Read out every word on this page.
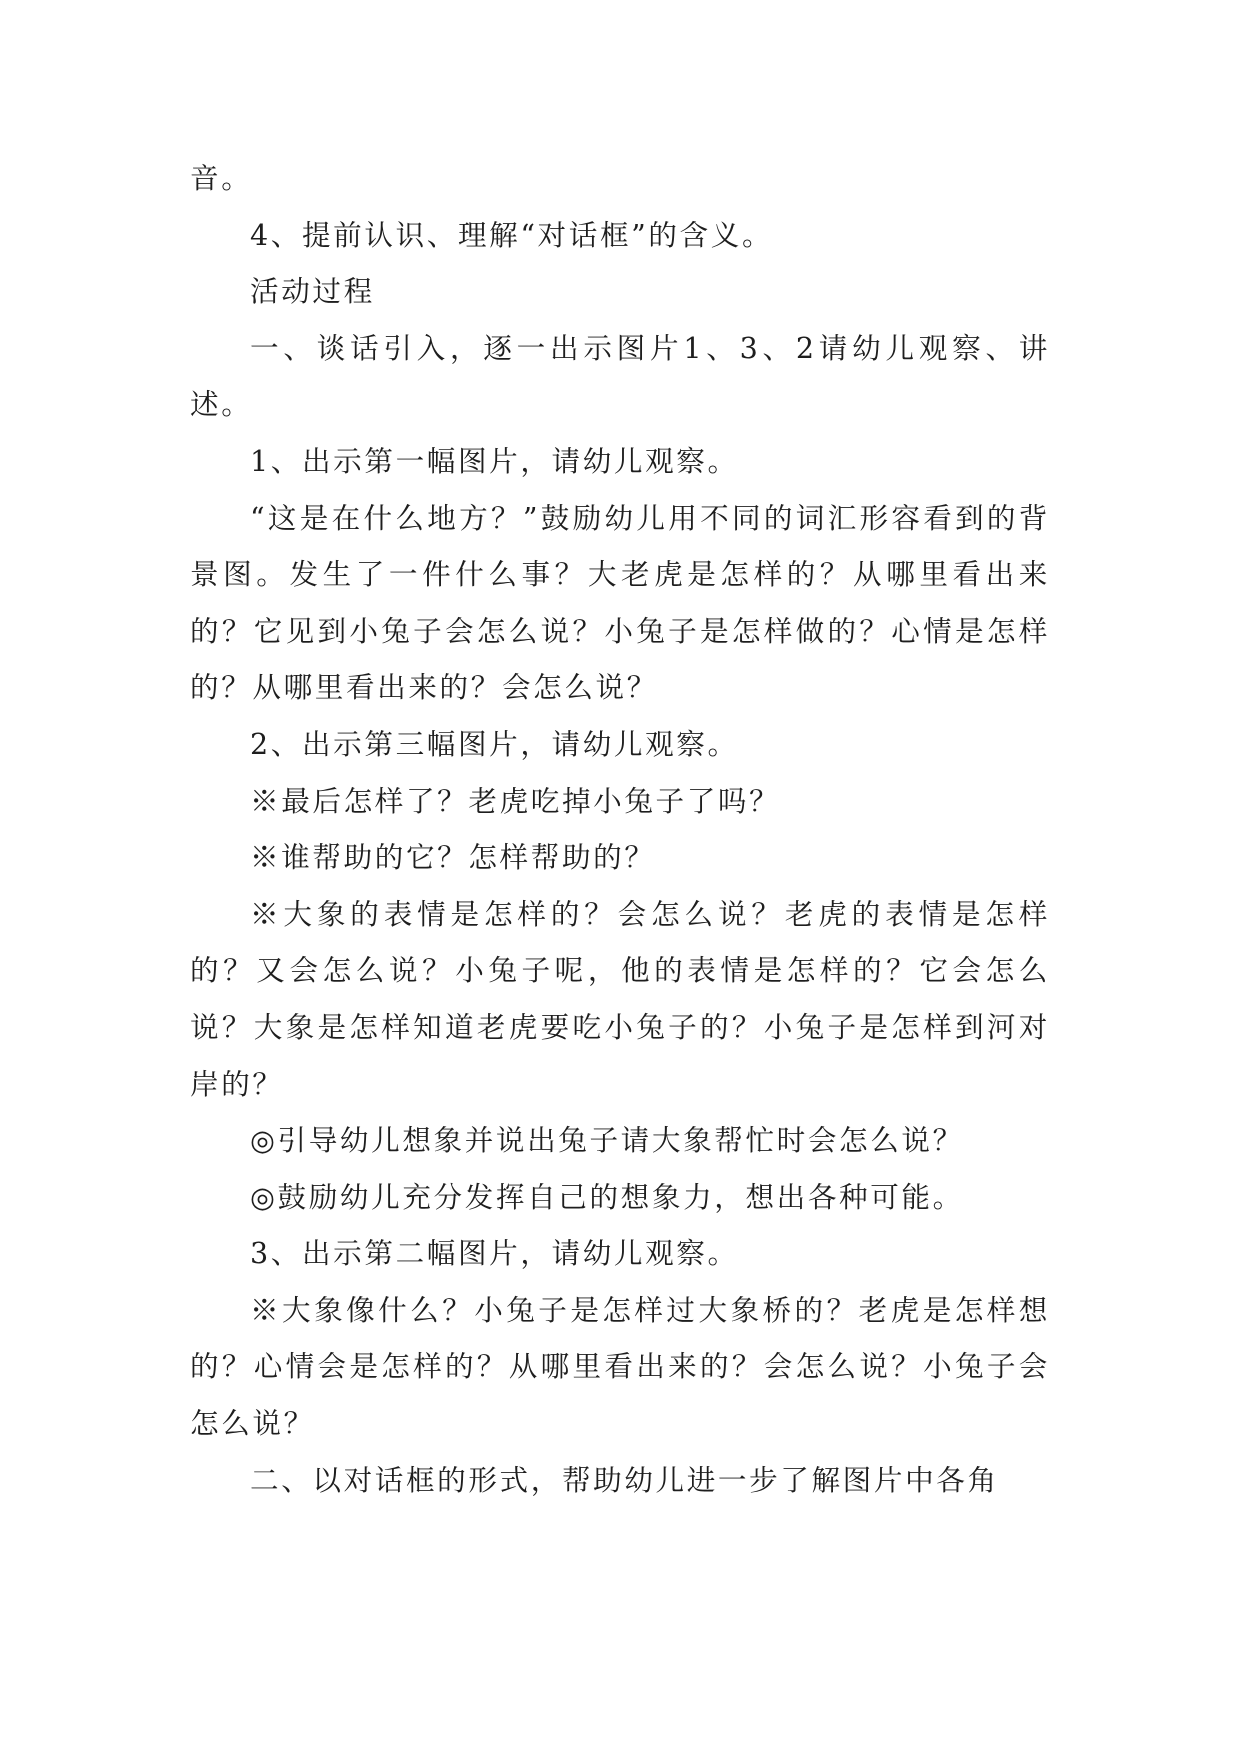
音。

4、提前认识、理解“对话框”的含义。

活动过程

一、谈话引入，逐一出示图片1、3、2请幼儿观察、讲述。

1、出示第一幅图片，请幼儿观察。

“这是在什么地方？”鼓励幼儿用不同的词汇形容看到的背景图。发生了一件什么事？大老虎是怎样的？从哪里看出来的？它见到小兔子会怎么说？小兔子是怎样做的？心情是怎样的？从哪里看出来的？会怎么说？

2、出示第三幅图片，请幼儿观察。

※最后怎样了？老虎吃掉小兔子了吗？

※谁帮助的它？怎样帮助的？

※大象的表情是怎样的？会怎么说？老虎的表情是怎样的？又会怎么说？小兔子呢，他的表情是怎样的？它会怎么说？大象是怎样知道老虎要吃小兔子的？小兔子是怎样到河对岸的？

◎引导幼儿想象并说出兔子请大象帮忙时会怎么说？

◎鼓励幼儿充分发挥自己的想象力，想出各种可能。

3、出示第二幅图片，请幼儿观察。

※大象像什么？小兔子是怎样过大象桥的？老虎是怎样想的？心情会是怎样的？从哪里看出来的？会怎么说？小兔子会怎么说？

二、以对话框的形式，帮助幼儿进一步了解图片中各角
